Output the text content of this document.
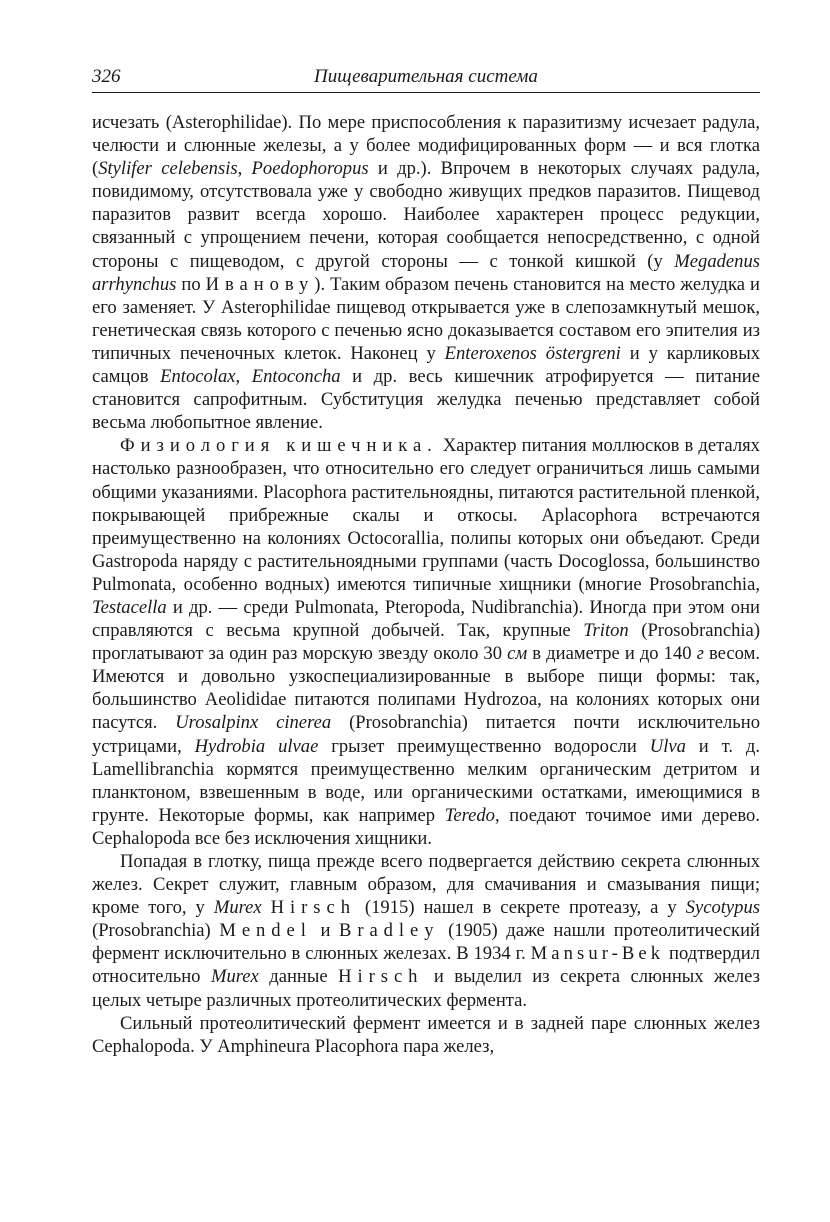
326	Пищеварительная система

исчезать (Asterophilidae). По мере приспособления к паразитизму исчезает радула, челюсти и слюнные железы, а у более модифицированных форм — и вся глотка (Stylifer celebensis, Poedophoropus и др.). Впрочем в некоторых случаях радула, повидимому, отсутствовала уже у свободно живущих предков паразитов. Пищевод паразитов развит всегда хорошо. Наиболее характерен процесс редукции, связанный с упрощением печени, которая сообщается непосредственно, с одной стороны с пищеводом, с другой стороны — с тонкой кишкой (у Megadenus arrhynchus по Иванову). Таким образом печень становится на место желудка и его заменяет. У Asterophilidae пищевод открывается уже в слепозамкнутый мешок, генетическая связь которого с печенью ясно доказывается составом его эпителия из типичных печеночных клеток. Наконец у Enteroxenos östergreni и у карликовых самцов Entocolax, Entoconcha и др. весь кишечник атрофируется — питание становится сапрофитным. Субституция желудка печенью представляет собой весьма любопытное явление.

Физиология кишечника. Характер питания моллюсков в деталях настолько разнообразен, что относительно его следует ограничиться лишь самыми общими указаниями. Placophora растительноядны, питаются растительной пленкой, покрывающей прибрежные скалы и откосы. Aplacophora встречаются преимущественно на колониях Octocorallia, полипы которых они объедают. Среди Gastropoda наряду с растительноядными группами (часть Docoglossa, большинство Pulmonata, особенно водных) имеются типичные хищники (многие Prosobranchia, Testacella и др. — среди Pulmonata, Pteropoda, Nudibranchia). Иногда при этом они справляются с весьма крупной добычей. Так, крупные Triton (Prosobranchia) проглатывают за один раз морскую звезду около 30 см в диаметре и до 140 г весом. Имеются и довольно узкоспециализированные в выборе пищи формы: так, большинство Aeolididae питаются полипами Hydrozoa, на колониях которых они пасутся. Urosalpinx cinerea (Prosobranchia) питается почти исключительно устрицами, Hydrobia ulvae грызет преимущественно водоросли Ulva и т. д. Lamellibranchia кормятся преимущественно мелким органическим детритом и планктоном, взвешенным в воде, или органическими остатками, имеющимися в грунте. Некоторые формы, как например Teredo, поедают точимое ими дерево. Cephalopoda все без исключения хищники.

Попадая в глотку, пища прежде всего подвергается действию секрета слюнных желез. Секрет служит, главным образом, для смачивания и смазывания пищи; кроме того, у Murex Hirsch (1915) нашел в секрете протеазу, а у Sycotypus (Prosobranchia) Mendel и Bradley (1905) даже нашли протеолитический фермент исключительно в слюнных железах. В 1934 г. Mansur-Bek подтвердил относительно Murex данные Hirsch и выделил из секрета слюнных желез целых четыре различных протеолитических фермента.

Сильный протеолитический фермент имеется и в задней паре слюнных желез Cephalopoda. У Amphineura Placophora пара желез,
